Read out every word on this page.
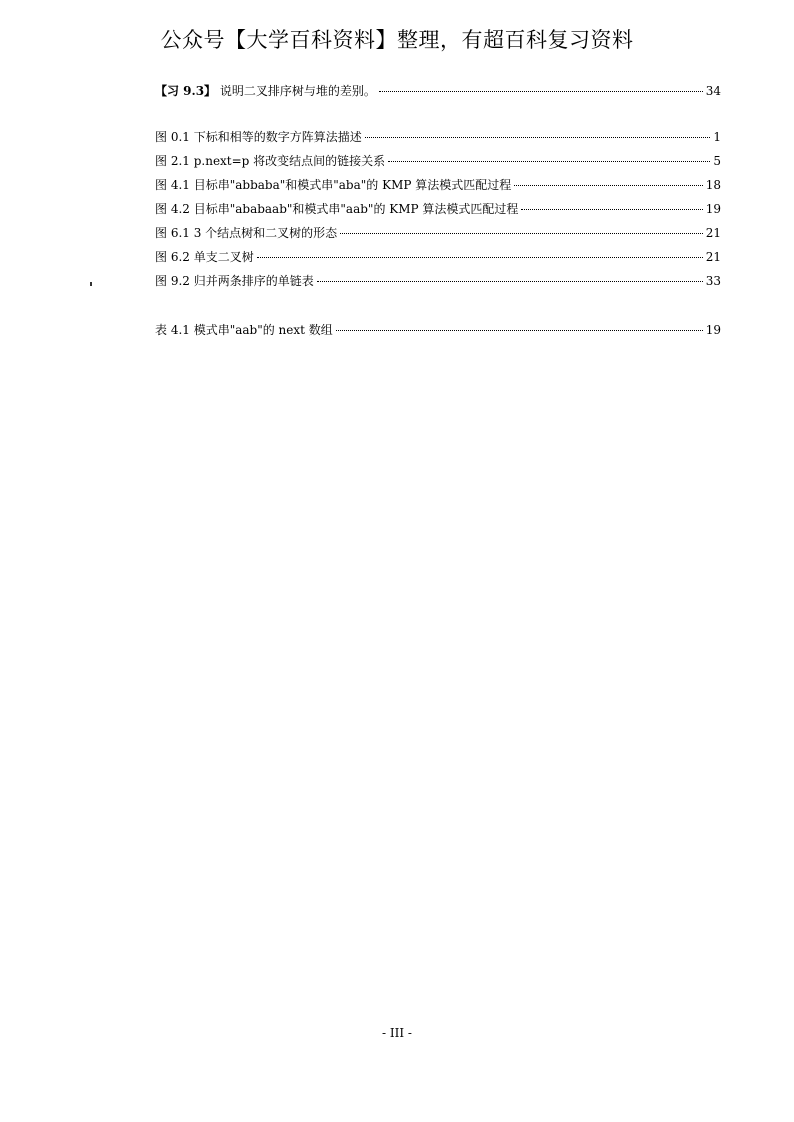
公众号【大学百科资料】整理，有超百科复习资料
【习 9.3】 说明二叉排序树与堆的差别。	34
图 0.1 下标和相等的数字方阵算法描述	1
图 2.1 p.next=p 将改变结点间的链接关系	5
图 4.1 目标串"abbaba"和模式串"aba"的 KMP 算法模式匹配过程	18
图 4.2 目标串"ababaab"和模式串"aab"的 KMP 算法模式匹配过程	19
图 6.1 3 个结点树和二叉树的形态	21
图 6.2 单支二叉树	21
图 9.2 归并两条排序的单链表	33
表 4.1 模式串"aab"的 next 数组	19
- III -
